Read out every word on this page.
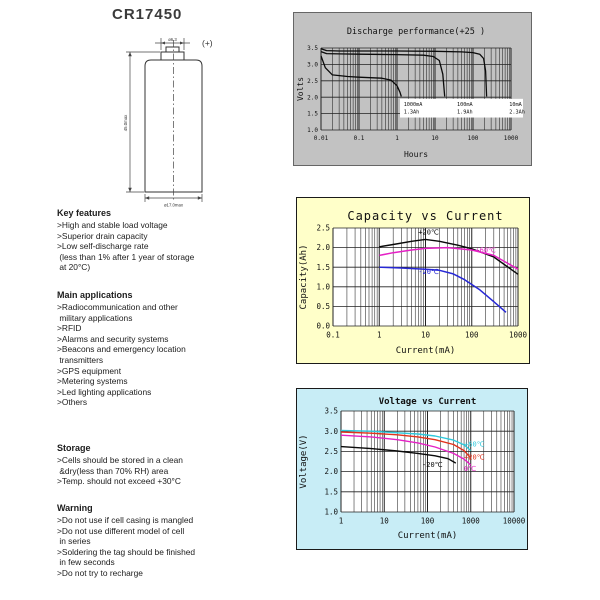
CR17450
ø6.3
45.0max
ø17.0max
(+)
Key features
>High and stable load voltage
>Superior drain capacity
>Low self-discharge rate
(less than 1% after 1 year of storage
at 20°C)
Main applications
>Radiocommunication and other
military applications
>RFID
>Alarms and security systems
>Beacons and emergency location
transmitters
>GPS equipment
>Metering systems
>Led lighting applications
>Others
Storage
>Cells should be stored in a clean
&dry(less than 70% RH) area
>Temp. should not exceed +30°C
Warning
>Do not use if cell casing is mangled
>Do not use different model of cell
in series
>Soldering the tag should be finished
in few seconds
>Do not try to recharge
1000mA
1.3Ah
100mA
1.9Ah
10mA
2.3Ah
0.01	0.1	1	10	100	1000
3.5
3.0
2.5
2.0
1.5
1.0
Hours
Volts
Discharge performance(+25 )
+20℃
+60℃
-20℃
0.1	1	10	100	1000
2.5
2.0
1.5
1.0
0.5
0.0
Current(mA)
Capacity(Ah)
Capacity vs Current
-20℃
+60℃
+20℃
0℃
1	10	100	1000	10000
3.5
3.0
2.5
2.0
1.5
1.0
Current(mA)
Voltage(V)
Voltage vs Current
